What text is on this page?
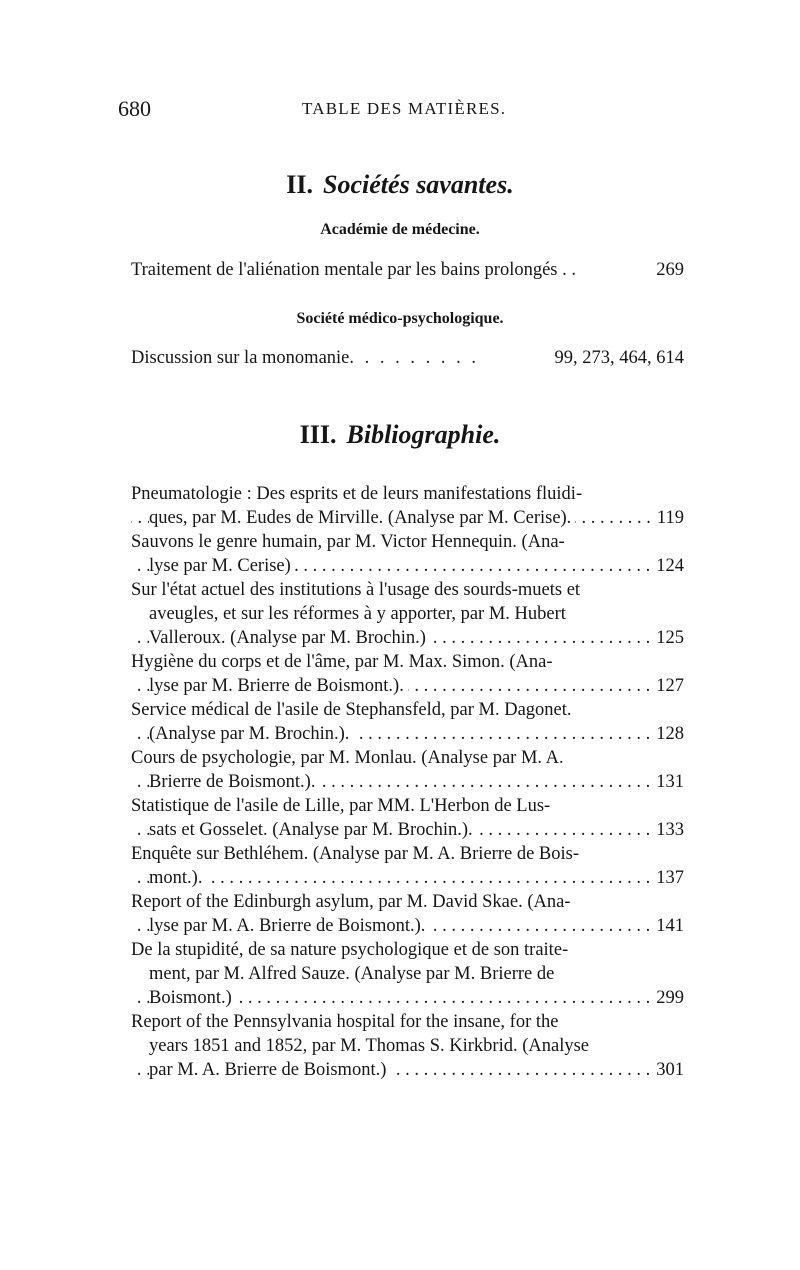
680	TABLE DES MATIÈRES.
II. Sociétés savantes.
Académie de médecine.
Traitement de l'aliénation mentale par les bains prolongés . .	269
Société médico-psychologique.
Discussion sur la monomanie. . . . . . . . .	99, 273, 464, 614
III. Bibliographie.
Pneumatologie : Des esprits et de leurs manifestations fluidi-
ques, par M. Eudes de Mirville. (Analyse par M. Cerise).	. . . 119
Sauvons le genre humain, par M. Victor Hennequin. (Ana-
lyse par M. Cerise)	. . . 124
Sur l'état actuel des institutions à l'usage des sourds-muets et
aveugles, et sur les réformes à y apporter, par M. Hubert
Valleroux. (Analyse par M. Brochin.)	. . . 125
Hygiène du corps et de l'âme, par M. Max. Simon. (Ana-
lyse par M. Brierre de Boismont.).	. . . 127
Service médical de l'asile de Stephansfeld, par M. Dagonet.
(Analyse par M. Brochin.).	. . . 128
Cours de psychologie, par M. Monlau. (Analyse par M. A.
Brierre de Boismont.).	. . . 131
Statistique de l'asile de Lille, par MM. L'Herbon de Lus-
sats et Gosselet. (Analyse par M. Brochin.).	. . . 133
Enquête sur Bethléhem. (Analyse par M. A. Brierre de Bois-
mont.).	. . . 137
Report of the Edinburgh asylum, par M. David Skae. (Ana-
lyse par M. A. Brierre de Boismont.).	. . . 141
De la stupidité, de sa nature psychologique et de son traite-
ment, par M. Alfred Sauze. (Analyse par M. Brierre de
Boismont.)	. . . 299
Report of the Pennsylvania hospital for the insane, for the
years 1851 and 1852, par M. Thomas S. Kirkbrid. (Analyse
par M. A. Brierre de Boismont.)	. . . 301
